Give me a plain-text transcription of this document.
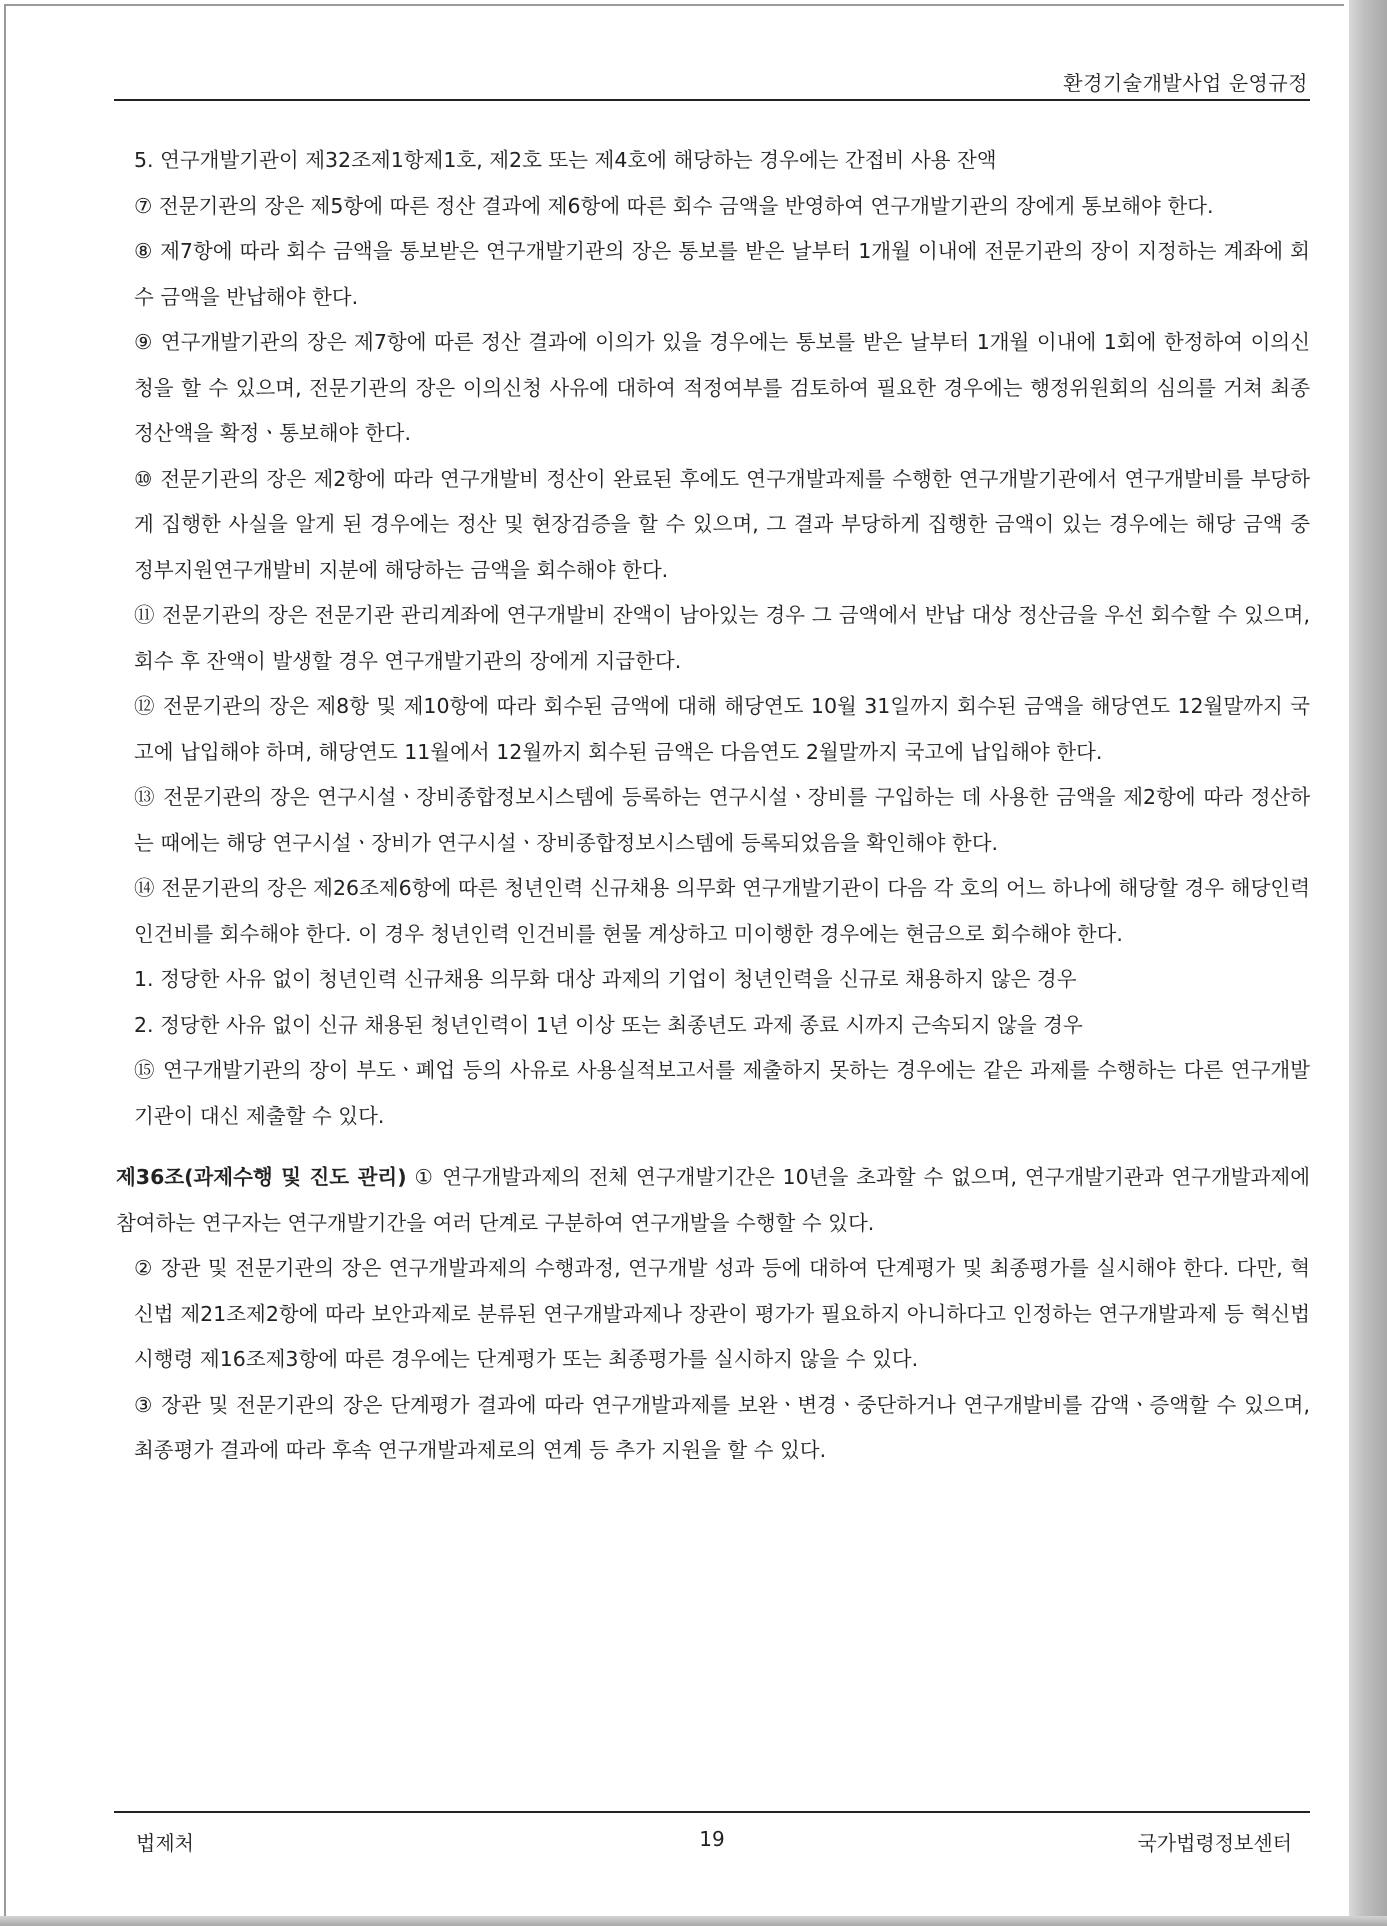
환경기술개발사업 운영규정

5. 연구개발기관이 제32조제1항제1호, 제2호 또는 제4호에 해당하는 경우에는 간접비 사용 잔액

⑦ 전문기관의 장은 제5항에 따른 정산 결과에 제6항에 따른 회수 금액을 반영하여 연구개발기관의 장에게 통보해야 한다.

⑧ 제7항에 따라 회수 금액을 통보받은 연구개발기관의 장은 통보를 받은 날부터 1개월 이내에 전문기관의 장이 지정하는 계좌에 회수 금액을 반납해야 한다.

⑨ 연구개발기관의 장은 제7항에 따른 정산 결과에 이의가 있을 경우에는 통보를 받은 날부터 1개월 이내에 1회에 한정하여 이의신청을 할 수 있으며, 전문기관의 장은 이의신청 사유에 대하여 적정여부를 검토하여 필요한 경우에는 행정위원회의 심의를 거쳐 최종정산액을 확정ㆍ통보해야 한다.

⑩ 전문기관의 장은 제2항에 따라 연구개발비 정산이 완료된 후에도 연구개발과제를 수행한 연구개발기관에서 연구개발비를 부당하게 집행한 사실을 알게 된 경우에는 정산 및 현장검증을 할 수 있으며, 그 결과 부당하게 집행한 금액이 있는 경우에는 해당 금액 중 정부지원연구개발비 지분에 해당하는 금액을 회수해야 한다.

⑪ 전문기관의 장은 전문기관 관리계좌에 연구개발비 잔액이 남아있는 경우 그 금액에서 반납 대상 정산금을 우선 회수할 수 있으며, 회수 후 잔액이 발생할 경우 연구개발기관의 장에게 지급한다.

⑫ 전문기관의 장은 제8항 및 제10항에 따라 회수된 금액에 대해 해당연도 10월 31일까지 회수된 금액을 해당연도 12월말까지 국고에 납입해야 하며, 해당연도 11월에서 12월까지 회수된 금액은 다음연도 2월말까지 국고에 납입해야 한다.

⑬ 전문기관의 장은 연구시설ㆍ장비종합정보시스템에 등록하는 연구시설ㆍ장비를 구입하는 데 사용한 금액을 제2항에 따라 정산하는 때에는 해당 연구시설ㆍ장비가 연구시설ㆍ장비종합정보시스템에 등록되었음을 확인해야 한다.

⑭ 전문기관의 장은 제26조제6항에 따른 청년인력 신규채용 의무화 연구개발기관이 다음 각 호의 어느 하나에 해당할 경우 해당인력 인건비를 회수해야 한다. 이 경우 청년인력 인건비를 현물 계상하고 미이행한 경우에는 현금으로 회수해야 한다.

1. 정당한 사유 없이 청년인력 신규채용 의무화 대상 과제의 기업이 청년인력을 신규로 채용하지 않은 경우

2. 정당한 사유 없이 신규 채용된 청년인력이 1년 이상 또는 최종년도 과제 종료 시까지 근속되지 않을 경우

⑮ 연구개발기관의 장이 부도ㆍ폐업 등의 사유로 사용실적보고서를 제출하지 못하는 경우에는 같은 과제를 수행하는 다른 연구개발기관이 대신 제출할 수 있다.

제36조(과제수행 및 진도 관리) ① 연구개발과제의 전체 연구개발기간은 10년을 초과할 수 없으며, 연구개발기관과 연구개발과제에 참여하는 연구자는 연구개발기간을 여러 단계로 구분하여 연구개발을 수행할 수 있다.

② 장관 및 전문기관의 장은 연구개발과제의 수행과정, 연구개발 성과 등에 대하여 단계평가 및 최종평가를 실시해야 한다. 다만, 혁신법 제21조제2항에 따라 보안과제로 분류된 연구개발과제나 장관이 평가가 필요하지 아니하다고 인정하는 연구개발과제 등 혁신법 시행령 제16조제3항에 따른 경우에는 단계평가 또는 최종평가를 실시하지 않을 수 있다.

③ 장관 및 전문기관의 장은 단계평가 결과에 따라 연구개발과제를 보완ㆍ변경ㆍ중단하거나 연구개발비를 감액ㆍ증액할 수 있으며, 최종평가 결과에 따라 후속 연구개발과제로의 연계 등 추가 지원을 할 수 있다.

법제처	19	국가법령정보센터
